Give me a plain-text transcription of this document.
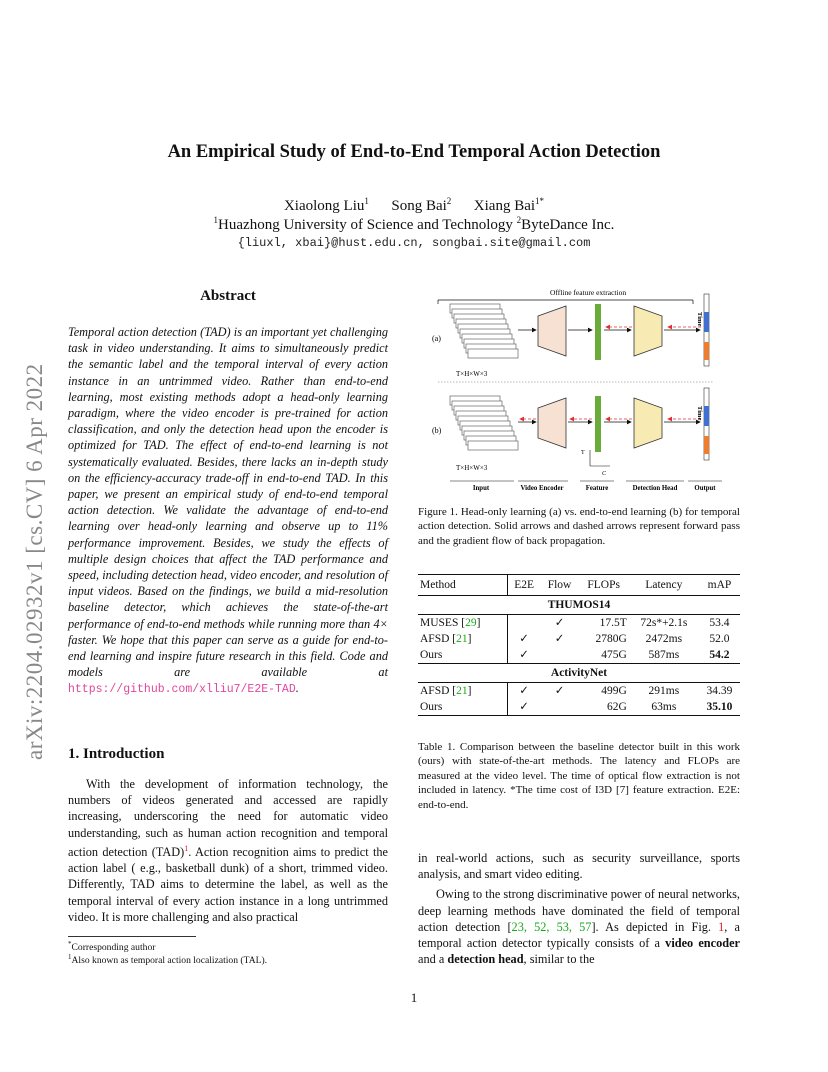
arXiv:2204.02932v1 [cs.CV] 6 Apr 2022
An Empirical Study of End-to-End Temporal Action Detection
Xiaolong Liu$^1$ Song Bai$^2$ Xiang Bai$^{1*}$
$^1$Huazhong University of Science and Technology $^2$ByteDance Inc.
{liuxl, xbai}@hust.edu.cn, songbai.site@gmail.com
Abstract
Temporal action detection (TAD) is an important yet challenging task in video understanding. It aims to simultaneously predict the semantic label and the temporal interval of every action instance in an untrimmed video. Rather than end-to-end learning, most existing methods adopt a head-only learning paradigm, where the video encoder is pre-trained for action classification, and only the detection head upon the encoder is optimized for TAD. The effect of end-to-end learning is not systematically evaluated. Besides, there lacks an in-depth study on the efficiency-accuracy trade-off in end-to-end TAD. In this paper, we present an empirical study of end-to-end temporal action detection. We validate the advantage of end-to-end learning over head-only learning and observe up to 11% performance improvement. Besides, we study the effects of multiple design choices that affect the TAD performance and speed, including detection head, video encoder, and resolution of input videos. Based on the findings, we build a mid-resolution baseline detector, which achieves the state-of-the-art performance of end-to-end methods while running more than 4× faster. We hope that this paper can serve as a guide for end-to-end learning and inspire future research in this field. Code and models are available at https://github.com/xlliu7/E2E-TAD.
1. Introduction
With the development of information technology, the numbers of videos generated and accessed are rapidly increasing, underscoring the need for automatic video understanding, such as human action recognition and temporal action detection (TAD)$^1$. Action recognition aims to predict the action label ( e.g., basketball dunk) of a short, trimmed video. Differently, TAD aims to determine the label, as well as the temporal interval of every action instance in a long untrimmed video. It is more challenging and also practical
*Corresponding author
$^1$Also known as temporal action localization (TAL).
1
Offline feature extraction
(a)
T×H×W×3
Time
(b)
T×H×W×3
Time
T
C
Input	Video Encoder	Feature	Detection Head	Output
Figure 1. Head-only learning (a) vs. end-to-end learning (b) for temporal action detection. Solid arrows and dashed arrows represent forward pass and the gradient flow of back propagation.
Method	E2E	Flow	FLOPs	Latency	mAP
THUMOS14					
MUSES [29]		✓	17.5T	72s*+2.1s	53.4
AFSD [21]	✓	✓	2780G	2472ms	52.0
Ours	✓		475G	587ms	54.2
ActivityNet					
AFSD [21]	✓	✓	499G	291ms	34.39
Ours	✓		62G	63ms	35.10
Table 1. Comparison between the baseline detector built in this work (ours) with state-of-the-art methods. The latency and FLOPs are measured at the video level. The time of optical flow extraction is not included in latency. *The time cost of I3D [7] feature extraction. E2E: end-to-end.
in real-world actions, such as security surveillance, sports analysis, and smart video editing.
Owing to the strong discriminative power of neural networks, deep learning methods have dominated the field of temporal action detection [23, 52, 53, 57]. As depicted in Fig. 1, a temporal action detector typically consists of a video encoder and a detection head, similar to the
